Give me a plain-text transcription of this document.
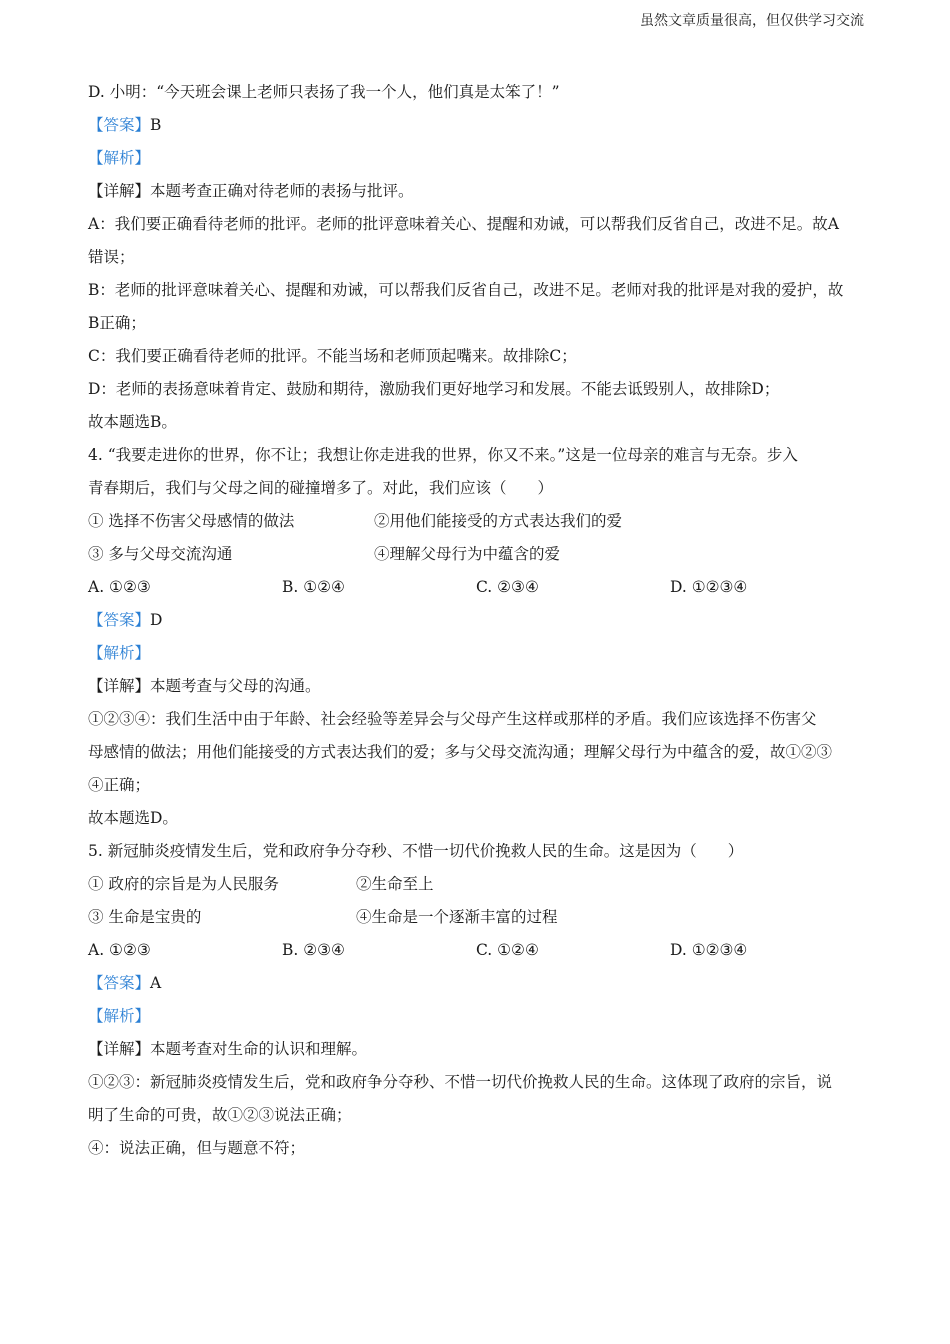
虽然文章质量很高，但仅供学习交流
D. 小明：“今天班会课上老师只表扬了我一个人，他们真是太笨了！”
【答案】B
【解析】
【详解】本题考查正确对待老师的表扬与批评。
A：我们要正确看待老师的批评。老师的批评意味着关心、提醒和劝诫，可以帮我们反省自己，改进不足。故A
错误；
B：老师的批评意味着关心、提醒和劝诫，可以帮我们反省自己，改进不足。老师对我的批评是对我的爱护，故
B正确；
C：我们要正确看待老师的批评。不能当场和老师顶起嘴来。故排除C；
D：老师的表扬意味着肯定、鼓励和期待，激励我们更好地学习和发展。不能去诋毁别人，故排除D；
故本题选B。
4. “我要走进你的世界，你不让；我想让你走进我的世界，你又不来。”这是一位母亲的难言与无奈。步入
青春期后，我们与父母之间的碰撞增多了。对此，我们应该（　　）
① 选择不伤害父母感情的做法	②用他们能接受的方式表达我们的爱
③ 多与父母交流沟通	④理解父母行为中蕴含的爱
A. ①②③	B. ①②④	C. ②③④	D. ①②③④
【答案】D
【解析】
【详解】本题考查与父母的沟通。
①②③④：我们生活中由于年龄、社会经验等差异会与父母产生这样或那样的矛盾。我们应该选择不伤害父
母感情的做法；用他们能接受的方式表达我们的爱；多与父母交流沟通；理解父母行为中蕴含的爱，故①②③
④正确；
故本题选D。
5. 新冠肺炎疫情发生后，党和政府争分夺秒、不惜一切代价挽救人民的生命。这是因为（　　）
① 政府的宗旨是为人民服务	②生命至上
③ 生命是宝贵的	④生命是一个逐渐丰富的过程
A. ①②③	B. ②③④	C. ①②④	D. ①②③④
【答案】A
【解析】
【详解】本题考查对生命的认识和理解。
①②③：新冠肺炎疫情发生后，党和政府争分夺秒、不惜一切代价挽救人民的生命。这体现了政府的宗旨，说
明了生命的可贵，故①②③说法正确；
④：说法正确，但与题意不符；
